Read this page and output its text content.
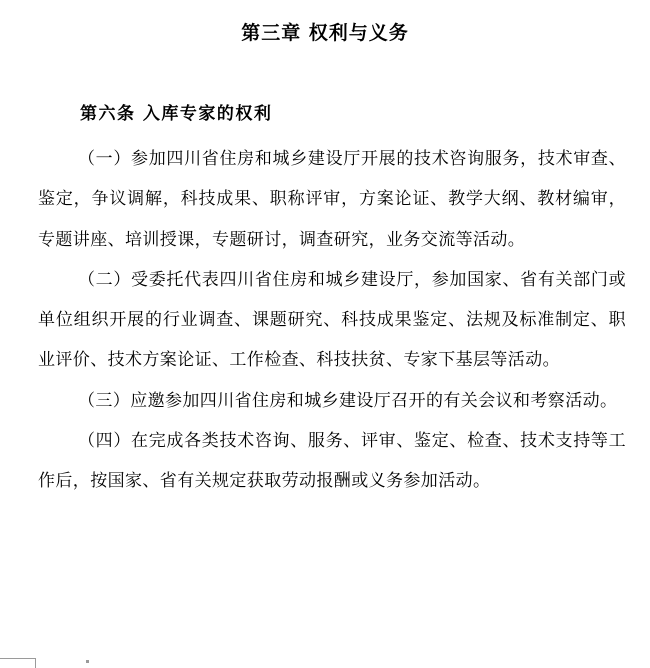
第三章 权利与义务
第六条 入库专家的权利

（一）参加四川省住房和城乡建设厅开展的技术咨询服务，技术审查、鉴定，争议调解，科技成果、职称评审，方案论证、教学大纲、教材编审，专题讲座、培训授课，专题研讨，调查研究，业务交流等活动。

（二）受委托代表四川省住房和城乡建设厅，参加国家、省有关部门或单位组织开展的行业调查、课题研究、科技成果鉴定、法规及标准制定、职业评价、技术方案论证、工作检查、科技扶贫、专家下基层等活动。

（三）应邀参加四川省住房和城乡建设厅召开的有关会议和考察活动。

（四）在完成各类技术咨询、服务、评审、鉴定、检查、技术支持等工作后，按国家、省有关规定获取劳动报酬或义务参加活动。
